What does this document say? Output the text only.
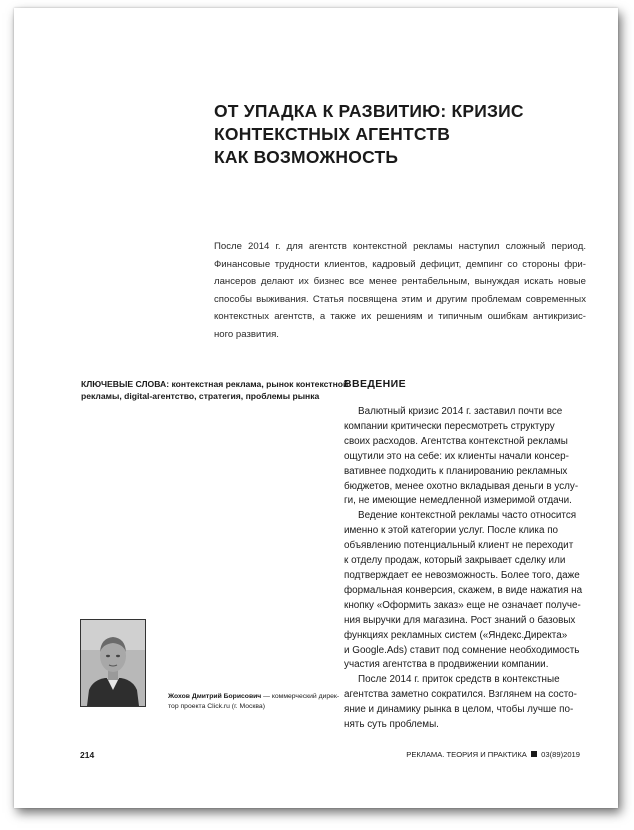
ОТ УПАДКА К РАЗВИТИЮ: КРИЗИС
КОНТЕКСТНЫХ АГЕНТСТВ
КАК ВОЗМОЖНОСТЬ
После 2014 г. для агентств контекстной рекламы наступил сложный период.
Финансовые трудности клиентов, кадровый дефицит, демпинг со стороны фри-
лансеров делают их бизнес все менее рентабельным, вынуждая искать новые
способы выживания. Статья посвящена этим и другим проблемам современных
контекстных агентств, а также их решениям и типичным ошибкам антикризис-
ного развития.
КЛЮЧЕВЫЕ СЛОВА: контекстная реклама, рынок контекстной
рекламы, digital-агентство, стратегия, проблемы рынка
ВВЕДЕНИЕ
Валютный кризис 2014 г. заставил почти все
компании критически пересмотреть структуру
своих расходов. Агентства контекстной рекламы
ощутили это на себе: их клиенты начали консер-
вативнее подходить к планированию рекламных
бюджетов, менее охотно вкладывая деньги в услу-
ги, не имеющие немедленной измеримой отдачи.
Ведение контекстной рекламы часто относится
именно к этой категории услуг. После клика по
объявлению потенциальный клиент не переходит
к отделу продаж, который закрывает сделку или
подтверждает ее невозможность. Более того, даже
формальная конверсия, скажем, в виде нажатия на
кнопку «Оформить заказ» еще не означает получе-
ния выручки для магазина. Рост знаний о базовых
функциях рекламных систем («Яндекс.Директа»
и Google.Ads) ставит под сомнение необходимость
участия агентства в продвижении компании.
После 2014 г. приток средств в контекстные
агентства заметно сократился. Взглянем на состо-
яние и динамику рынка в целом, чтобы лучше по-
нять суть проблемы.
Жохов Дмитрий Борисович — коммерческий дирек-
тор проекта Click.ru (г. Москва)
214	РЕКЛАМА. ТЕОРИЯ И ПРАКТИКА 03(89)2019
